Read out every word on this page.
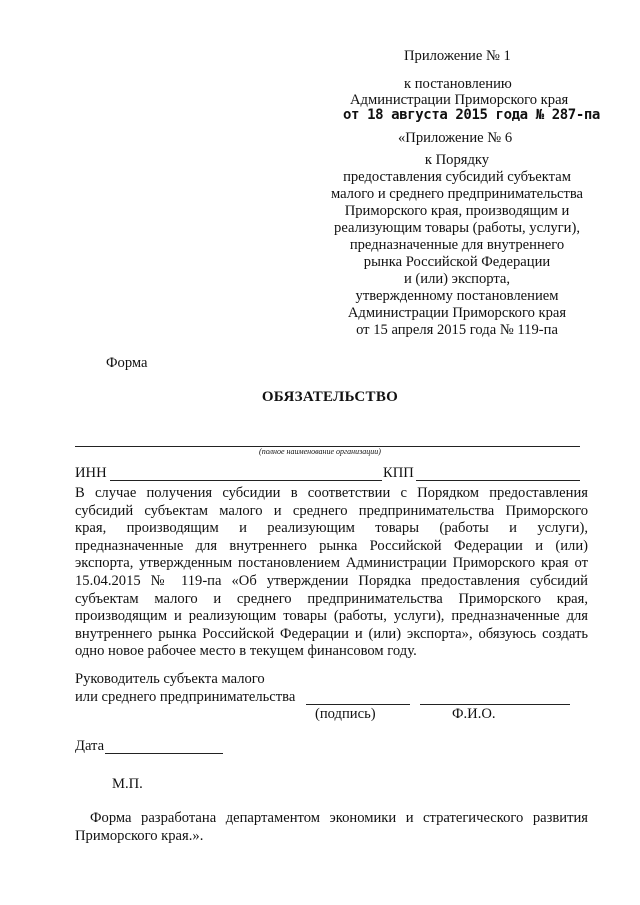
Приложение № 1
к постановлению
Администрации Приморского края
от 18 августа 2015 года № 287-па
«Приложение № 6
к Порядку
предоставления субсидий субъектам
малого и среднего предпринимательства
Приморского края, производящим и
реализующим товары (работы, услуги),
предназначенные для внутреннего
рынка Российской Федерации
и (или) экспорта,
утвержденному постановлением
Администрации Приморского края
от 15 апреля 2015 года № 119-па
Форма
ОБЯЗАТЕЛЬСТВО
(полное наименование организации)
ИНН	КПП
В случае получения субсидии в соответствии с Порядком предоставления
субсидий субъектам малого и среднего предпринимательства Приморского
края, производящим и реализующим товары (работы и услуги),
предназначенные для внутреннего рынка Российской Федерации и (или)
экспорта, утвержденным постановлением Администрации Приморского края от
15.04.2015 № 119-па «Об утверждении Порядка предоставления субсидий
субъектам малого и среднего предпринимательства Приморского края,
производящим и реализующим товары (работы, услуги), предназначенные для
внутреннего рынка Российской Федерации и (или) экспорта», обязуюсь создать
одно новое рабочее место в текущем финансовом году.
Руководитель субъекта малого
или среднего предпринимательства
(подпись)	Ф.И.О.
Дата
М.П.
Форма разработана департаментом экономики и стратегического развития
Приморского края.».
